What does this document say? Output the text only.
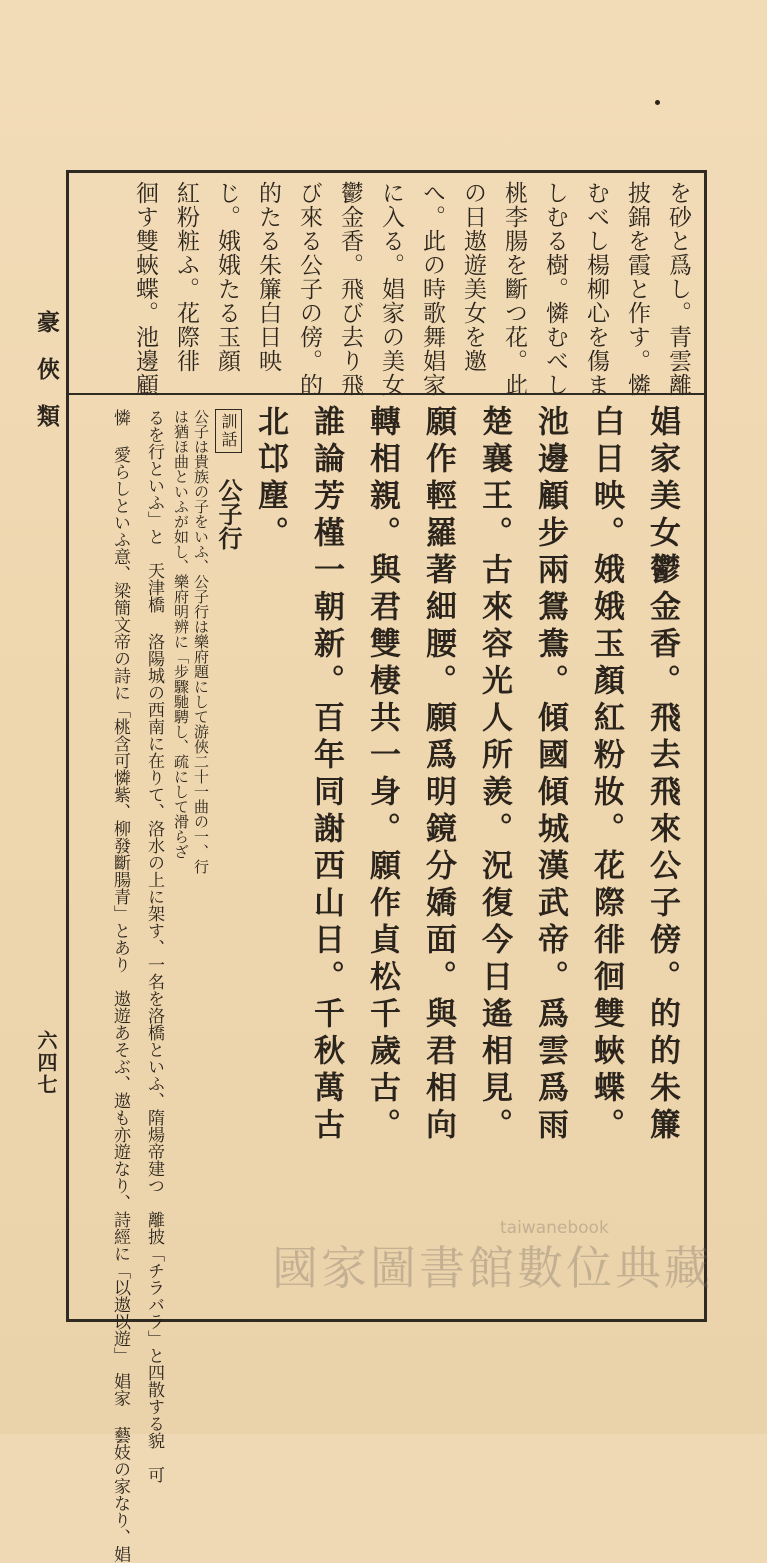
豪俠類
六四七
を砂と爲し。青雲離
披錦を霞と作す。憐
むべし楊柳心を傷ま
しむる樹。憐むべし
桃李腸を斷つ花。此
の日遨遊美女を邀
へ。此の時歌舞娼家
に入る。娼家の美女
鬱金香。飛び去り飛
び來る公子の傍。的
的たる朱簾白日映
じ。娥娥たる玉顔
紅粉粧ふ。花際徘
徊す雙蛺蝶。池邊顧
娼家美女鬱金香。飛去飛來公子傍。的的朱簾
白日映。娥娥玉顏紅粉妝。花際徘徊雙蛺蝶。
池邊顧步兩鴛鴦。傾國傾城漢武帝。爲雲爲雨
楚襄王。古來容光人所羨。況復今日遙相見。
願作輕羅著細腰。願爲明鏡分嬌面。與君相向
轉相親。與君雙棲共一身。願作貞松千歲古。
誰論芳槿一朝新。百年同謝西山日。千秋萬古
北邙塵。
訓話 公子行
公子は貴族の子をいふ、公子行は樂府題にして游俠二十一曲の一、行
は猶ほ曲といふが如し、樂府明辨に「步驟馳騁し、疏にして滑らざ
るを行といふ」と　天津橋 洛陽城の西南に在りて、洛水の上に架す、一名を洛橋といふ、隋煬帝建つ　離披「チラバラ」と四散する貌　可
憐 愛らしといふ意、梁簡文帝の詩に「桃含可憐紫、柳發斷腸青」とあり　遨遊あそぶ、遨も亦遊なり、詩經に「以遨以遊」　娼家 藝妓の家なり、娼	國家圖書館數位典藏
taiwanebook
